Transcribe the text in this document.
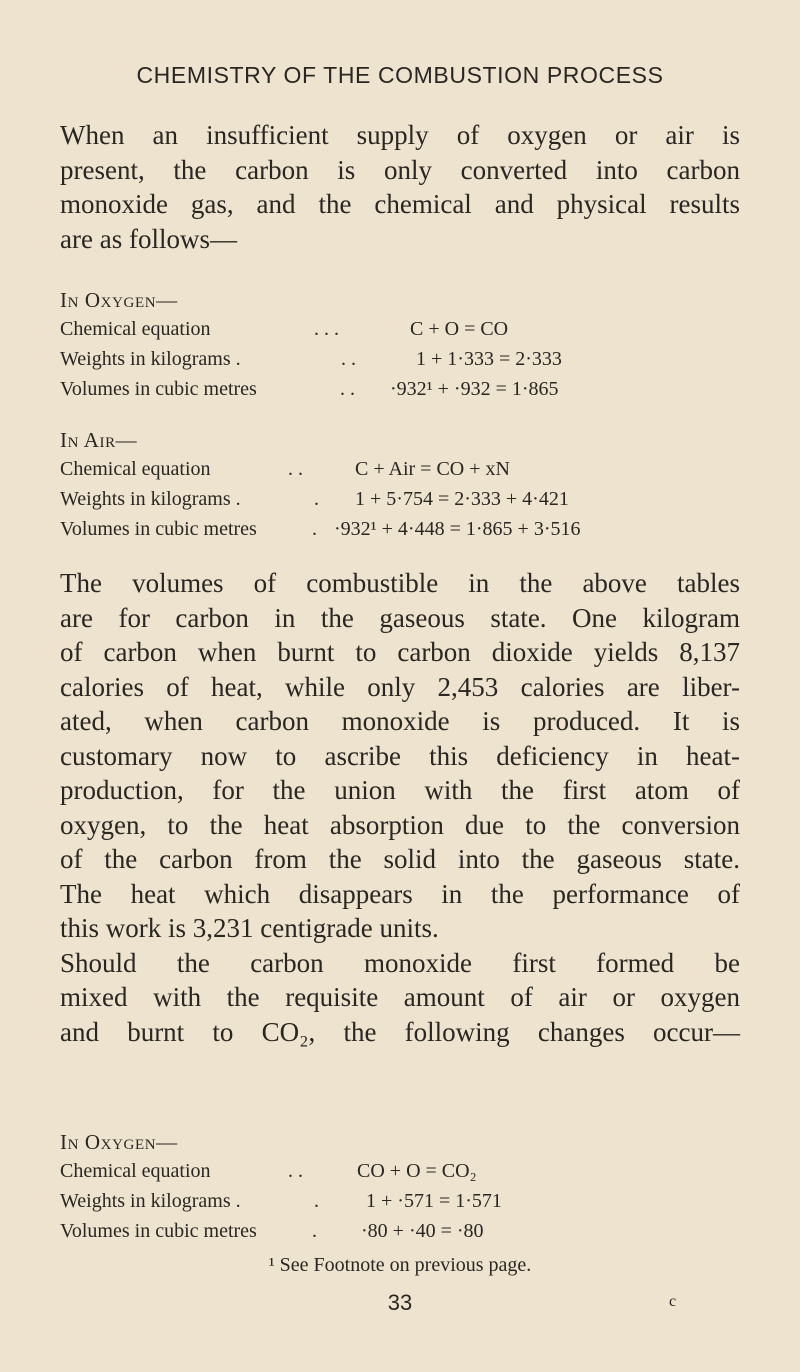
CHEMISTRY OF THE COMBUSTION PROCESS
When an insufficient supply of oxygen or air is
present, the carbon is only converted into carbon
monoxide gas, and the chemical and physical results
are as follows—
In Oxygen—
Chemical equation	. . .	C + O = CO
Weights in kilograms .	. .	1 + 1·333 = 2·333
Volumes in cubic metres	. . ·932¹ + ·932 = 1·865
In Air—
Chemical equation	. .	C + Air = CO + xN
Weights in kilograms .	. 1 + 5·754 = 2·333 + 4·421
Volumes in cubic metres	. ·932¹ + 4·448 = 1·865 + 3·516
The volumes of combustible in the above tables
are for carbon in the gaseous state. One kilogram
of carbon when burnt to carbon dioxide yields 8,137
calories of heat, while only 2,453 calories are liber-
ated, when carbon monoxide is produced. It is
customary now to ascribe this deficiency in heat-
production, for the union with the first atom of
oxygen, to the heat absorption due to the conversion
of the carbon from the solid into the gaseous state.
The heat which disappears in the performance of
this work is 3,231 centigrade units.
Should the carbon monoxide first formed be
mixed with the requisite amount of air or oxygen
and burnt to CO₂, the following changes occur—
In Oxygen—
Chemical equation	. .	CO + O = CO₂
Weights in kilograms .	. 1 + ·571 = 1·571
Volumes in cubic metres	. ·80 + ·40 = ·80
¹ See Footnote on previous page.
33	c
